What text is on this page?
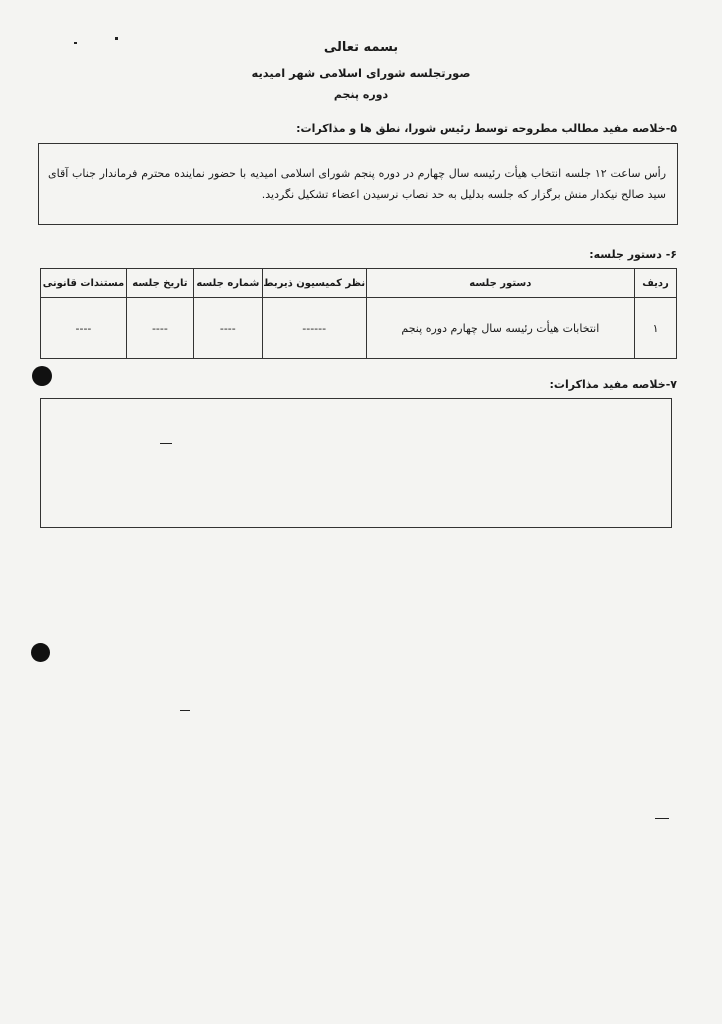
بسمه تعالی
صورتجلسه شورای اسلامی شهر امیدیه
دوره پنجم
۵-خلاصه مفید مطالب مطروحه توسط رئیس شورا، نطق ها و مذاکرات:
رأس ساعت ۱۲ جلسه انتخاب هیأت رئیسه سال چهارم در دوره پنجم شورای اسلامی امیدیه با حضور نماینده محترم فرماندار جناب آقای سید صالح نیکدار منش برگزار که جلسه بدلیل به حد نصاب نرسیدن اعضاء تشکیل نگردید.
۶- دستور جلسه:
ردیف	دستور جلسه	نظر کمیسیون ذیربط	شماره جلسه	تاریخ جلسه	مستندات قانونی
۱	انتخابات هیأت رئیسه سال چهارم دوره پنجم	------	----	----	----
۷-خلاصه مفید مذاکرات:
